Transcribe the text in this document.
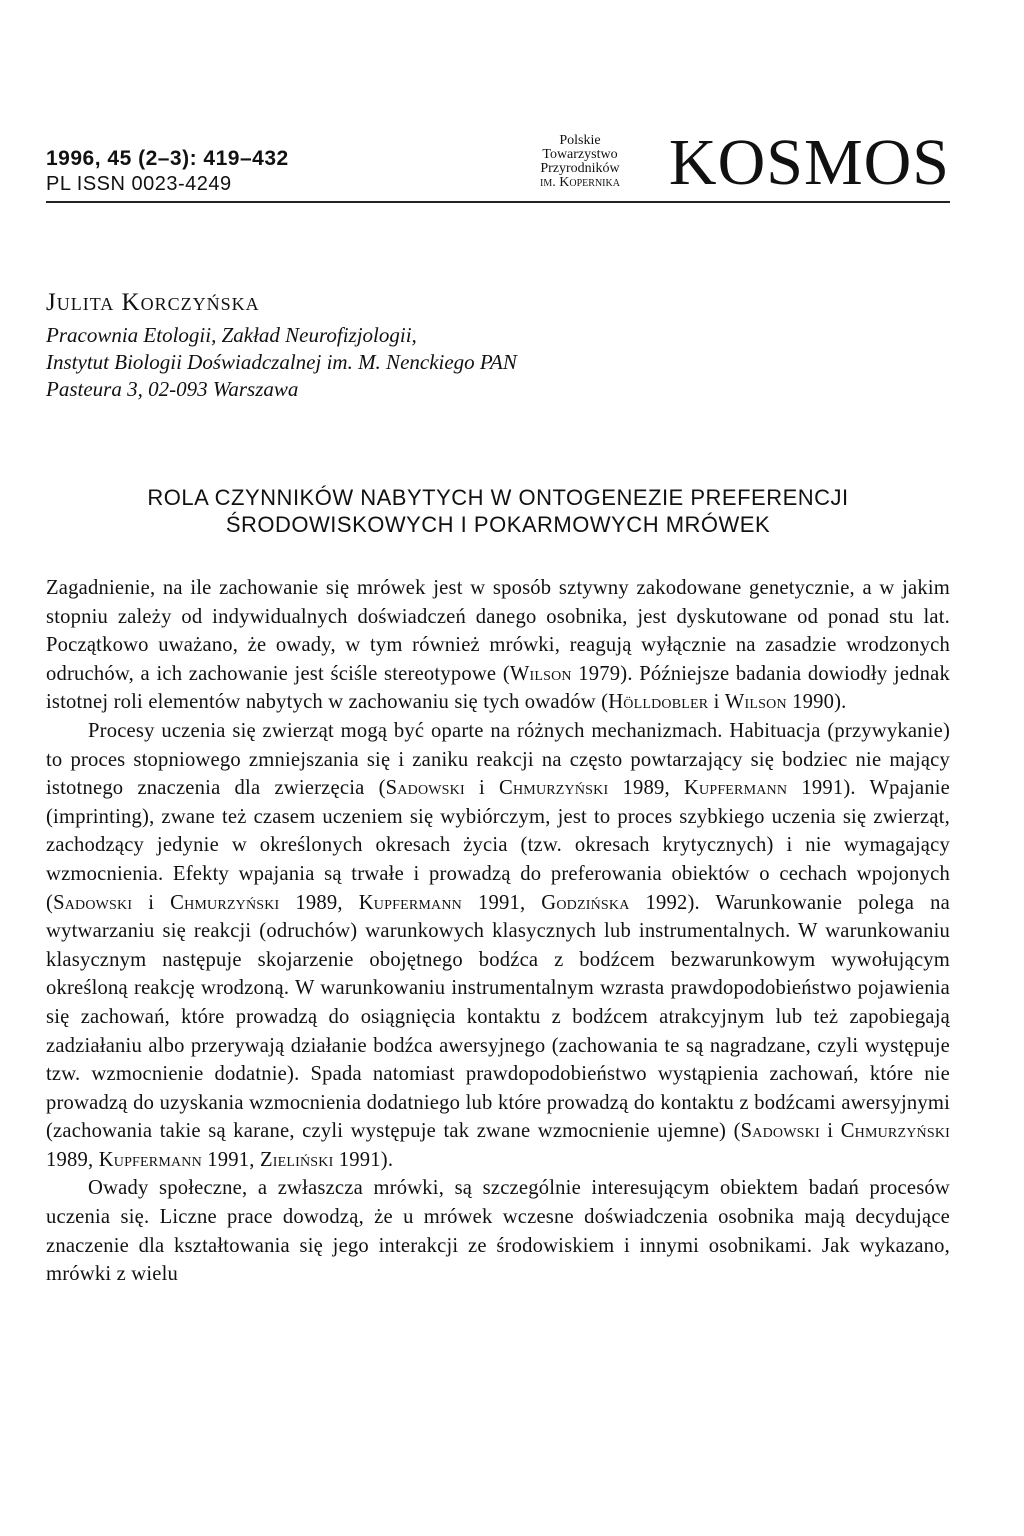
1996, 45 (2–3): 419–432
PL ISSN 0023-4249
Polskie
Towarzystwo
Przyrodników
im. Kopernika KOSMOS
Julita Korczyńska
Pracownia Etologii, Zakład Neurofizjologii,
Instytut Biologii Doświadczalnej im. M. Nenckiego PAN
Pasteura 3, 02-093 Warszawa
ROLA CZYNNIKÓW NABYTYCH W ONTOGENEZIE PREFERENCJI
ŚRODOWISKOWYCH I POKARMOWYCH MRÓWEK

Zagadnienie, na ile zachowanie się mrówek jest w sposób sztywny zakodowane genetycznie, a w jakim stopniu zależy od indywidualnych doświadczeń danego osobnika, jest dyskutowane od ponad stu lat. Początkowo uważano, że owady, w tym również mrówki, reagują wyłącznie na zasadzie wrodzonych odruchów, a ich zachowanie jest ściśle stereotypowe (Wilson 1979). Późniejsze badania dowiodły jednak istotnej roli elementów nabytych w zachowaniu się tych owadów (Hölldobler i Wilson 1990).

Procesy uczenia się zwierząt mogą być oparte na różnych mechanizmach. Habituacja (przywykanie) to proces stopniowego zmniejszania się i zaniku reakcji na często powtarzający się bodziec nie mający istotnego znaczenia dla zwierzęcia (Sadowski i Chmurzyński 1989, Kupfermann 1991). Wpajanie (imprinting), zwane też czasem uczeniem się wybiórczym, jest to proces szybkiego uczenia się zwierząt, zachodzący jedynie w określonych okresach życia (tzw. okresach krytycznych) i nie wymagający wzmocnienia. Efekty wpajania są trwałe i prowadzą do preferowania obiektów o cechach wpojonych (Sadowski i Chmurzyński 1989, Kupfermann 1991, Godzińska 1992). Warunkowanie polega na wytwarzaniu się reakcji (odruchów) warunkowych klasycznych lub instrumentalnych. W warunkowaniu klasycznym następuje skojarzenie obojętnego bodźca z bodźcem bezwarunkowym wywołującym określoną reakcję wrodzoną. W warunkowaniu instrumentalnym wzrasta prawdopodobieństwo pojawienia się zachowań, które prowadzą do osiągnięcia kontaktu z bodźcem atrakcyjnym lub też zapobiegają zadziałaniu albo przerywają działanie bodźca awersyjnego (zachowania te są nagradzane, czyli występuje tzw. wzmocnienie dodatnie). Spada natomiast prawdopodobieństwo wystąpienia zachowań, które nie prowadzą do uzyskania wzmocnienia dodatniego lub które prowadzą do kontaktu z bodźcami awersyjnymi (zachowania takie są karane, czyli występuje tak zwane wzmocnienie ujemne) (Sadowski i Chmurzyński 1989, Kupfermann 1991, Zieliński 1991).

Owady społeczne, a zwłaszcza mrówki, są szczególnie interesującym obiektem badań procesów uczenia się. Liczne prace dowodzą, że u mrówek wczesne doświadczenia osobnika mają decydujące znaczenie dla kształtowania się jego interakcji ze środowiskiem i innymi osobnikami. Jak wykazano, mrówki z wielu
